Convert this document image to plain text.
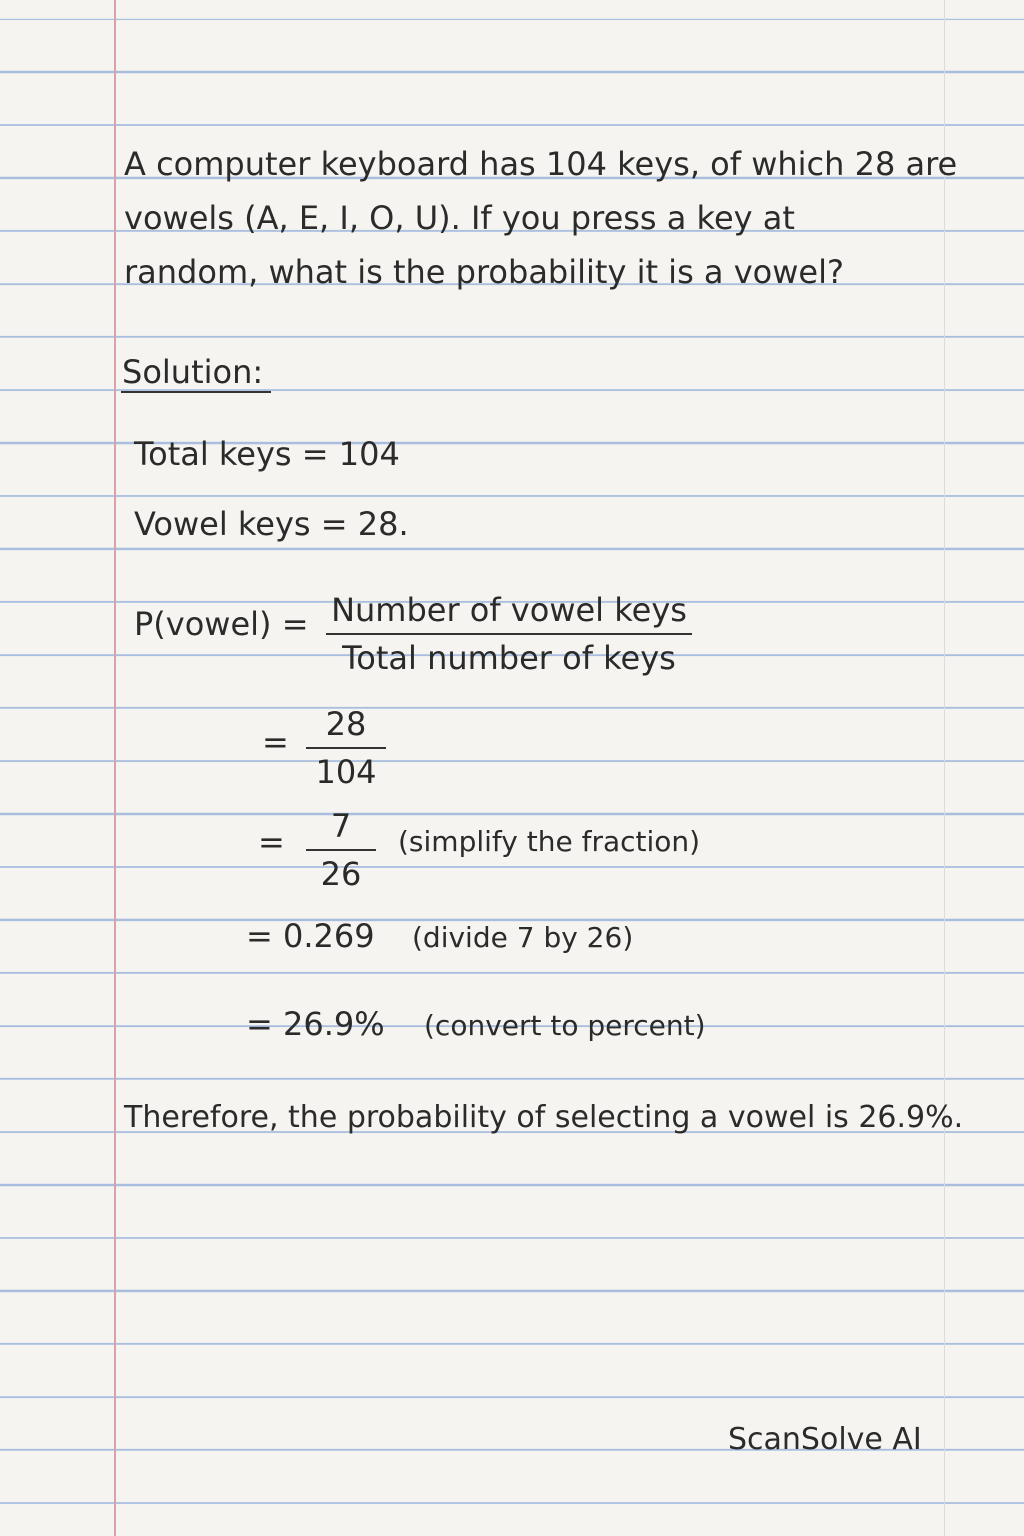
A computer keyboard has 104 keys, of which 28 are
vowels (A, E, I, O, U). If you press a key at
random, what is the probability it is a vowel?
Solution:
Total keys = 104
Vowel keys = 28.
P(vowel) = Number of vowel keys
Total number of keys
=	28
104
=	7
26
(simplify the fraction)
= 0.269 (divide 7 by 26)
= 26.9% (convert to percent)
Therefore, the probability of selecting a vowel is 26.9%.
ScanSolve AI
